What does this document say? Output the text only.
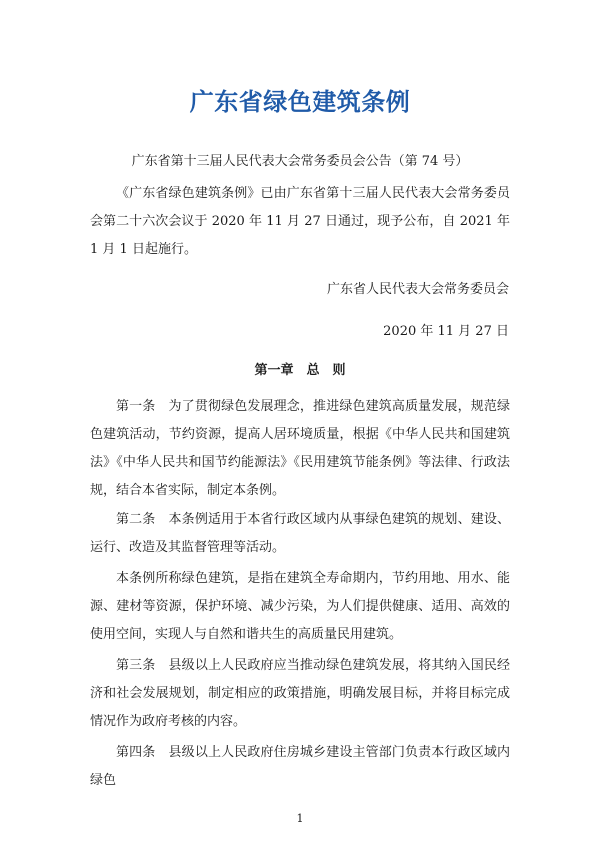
广东省绿色建筑条例
广东省第十三届人民代表大会常务委员会公告（第 74 号）
《广东省绿色建筑条例》已由广东省第十三届人民代表大会常务委员会第二十六次会议于 2020 年 11 月 27 日通过，现予公布，自 2021 年 1 月 1 日起施行。
广东省人民代表大会常务委员会
2020 年 11 月 27 日
第一章　总　则
第一条　为了贯彻绿色发展理念，推进绿色建筑高质量发展，规范绿色建筑活动，节约资源，提高人居环境质量，根据《中华人民共和国建筑法》《中华人民共和国节约能源法》《民用建筑节能条例》等法律、行政法规，结合本省实际，制定本条例。
第二条　本条例适用于本省行政区域内从事绿色建筑的规划、建设、运行、改造及其监督管理等活动。
本条例所称绿色建筑，是指在建筑全寿命期内，节约用地、用水、能源、建材等资源，保护环境、减少污染，为人们提供健康、适用、高效的使用空间，实现人与自然和谐共生的高质量民用建筑。
第三条　县级以上人民政府应当推动绿色建筑发展，将其纳入国民经济和社会发展规划，制定相应的政策措施，明确发展目标，并将目标完成情况作为政府考核的内容。
第四条　县级以上人民政府住房城乡建设主管部门负责本行政区域内绿色
1
